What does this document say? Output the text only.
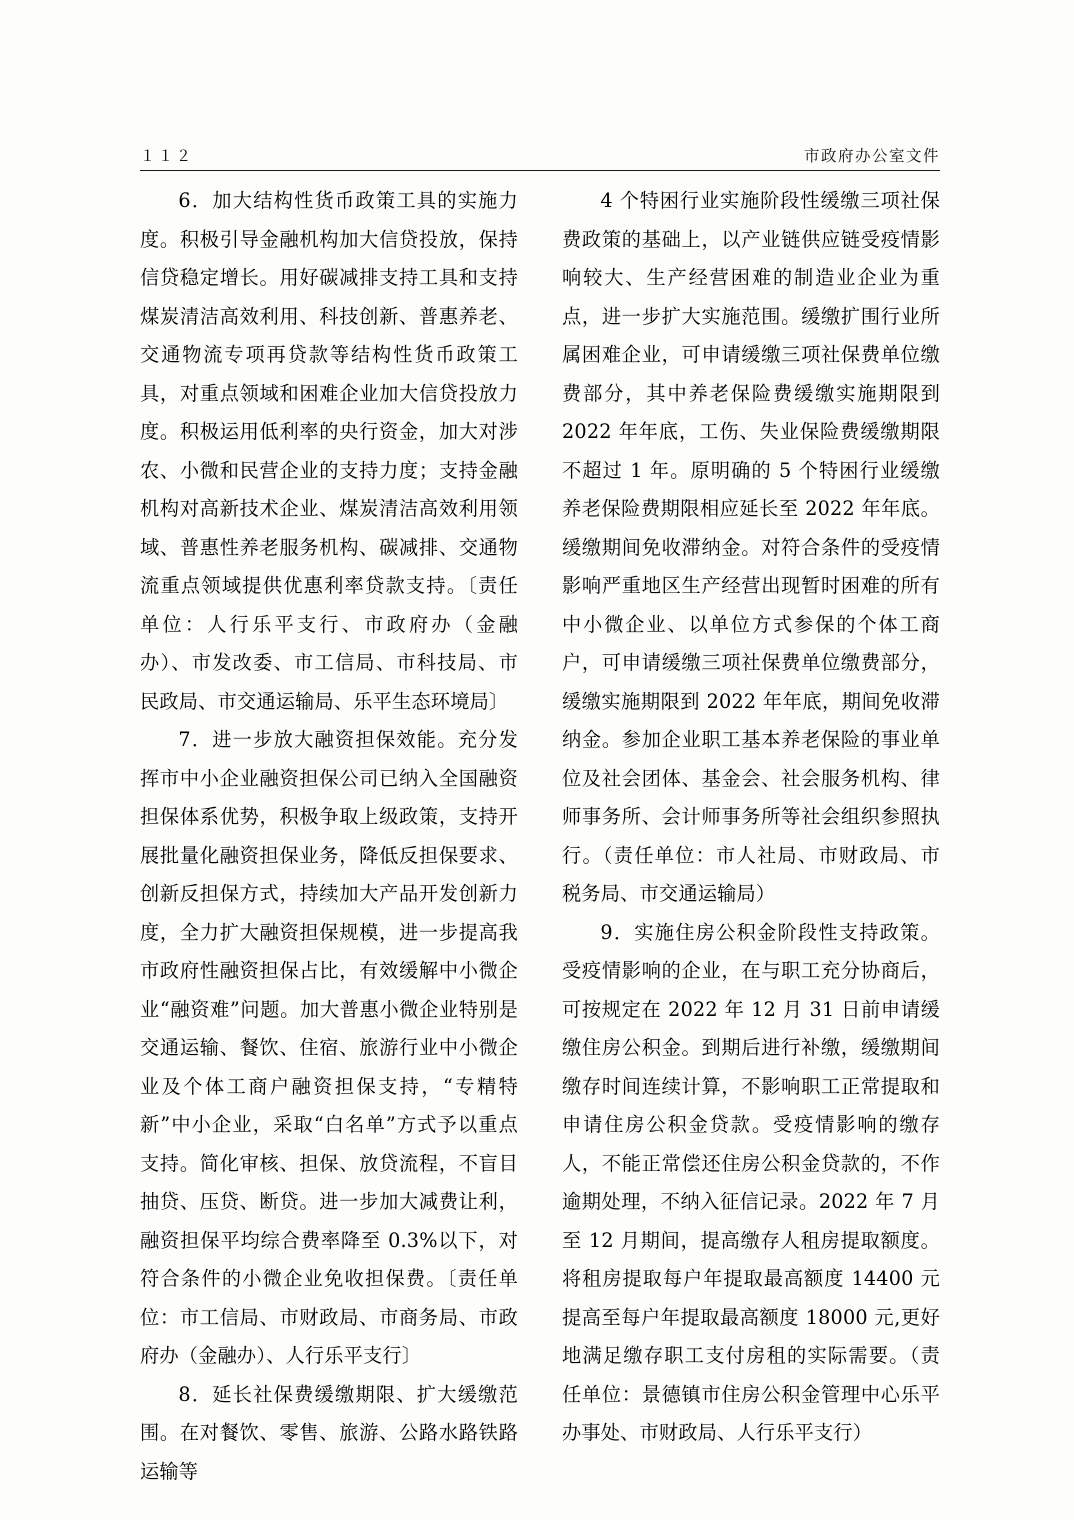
１１２	市政府办公室文件

6．加大结构性货币政策工具的实施力度。积极引导金融机构加大信贷投放，保持信贷稳定增长。用好碳减排支持工具和支持煤炭清洁高效利用、科技创新、普惠养老、交通物流专项再贷款等结构性货币政策工具，对重点领域和困难企业加大信贷投放力度。积极运用低利率的央行资金，加大对涉农、小微和民营企业的支持力度；支持金融机构对高新技术企业、煤炭清洁高效利用领域、普惠性养老服务机构、碳减排、交通物流重点领域提供优惠利率贷款支持。〔责任单位：人行乐平支行、市政府办（金融办）、市发改委、市工信局、市科技局、市民政局、市交通运输局、乐平生态环境局〕

7．进一步放大融资担保效能。充分发挥市中小企业融资担保公司已纳入全国融资担保体系优势，积极争取上级政策，支持开展批量化融资担保业务，降低反担保要求、创新反担保方式，持续加大产品开发创新力度，全力扩大融资担保规模，进一步提高我市政府性融资担保占比，有效缓解中小微企业“融资难”问题。加大普惠小微企业特别是交通运输、餐饮、住宿、旅游行业中小微企业及个体工商户融资担保支持，“专精特新”中小企业，采取“白名单”方式予以重点支持。简化审核、担保、放贷流程，不盲目抽贷、压贷、断贷。进一步加大减费让利，融资担保平均综合费率降至 0.3%以下，对符合条件的小微企业免收担保费。〔责任单位：市工信局、市财政局、市商务局、市政府办（金融办）、人行乐平支行〕

8．延长社保费缓缴期限、扩大缓缴范围。在对餐饮、零售、旅游、公路水路铁路运输等

4 个特困行业实施阶段性缓缴三项社保费政策的基础上，以产业链供应链受疫情影响较大、生产经营困难的制造业企业为重点，进一步扩大实施范围。缓缴扩围行业所属困难企业，可申请缓缴三项社保费单位缴费部分，其中养老保险费缓缴实施期限到 2022 年年底，工伤、失业保险费缓缴期限不超过 1 年。原明确的 5 个特困行业缓缴养老保险费期限相应延长至 2022 年年底。缓缴期间免收滞纳金。对符合条件的受疫情影响严重地区生产经营出现暂时困难的所有中小微企业、以单位方式参保的个体工商户，可申请缓缴三项社保费单位缴费部分，缓缴实施期限到 2022 年年底，期间免收滞纳金。参加企业职工基本养老保险的事业单位及社会团体、基金会、社会服务机构、律师事务所、会计师事务所等社会组织参照执行。（责任单位：市人社局、市财政局、市税务局、市交通运输局）

9．实施住房公积金阶段性支持政策。受疫情影响的企业，在与职工充分协商后，可按规定在 2022 年 12 月 31 日前申请缓缴住房公积金。到期后进行补缴，缓缴期间缴存时间连续计算，不影响职工正常提取和申请住房公积金贷款。受疫情影响的缴存人，不能正常偿还住房公积金贷款的，不作逾期处理，不纳入征信记录。2022 年 7 月至 12 月期间，提高缴存人租房提取额度。将租房提取每户年提取最高额度 14400 元提高至每户年提取最高额度 18000 元,更好地满足缴存职工支付房租的实际需要。（责任单位：景德镇市住房公积金管理中心乐平办事处、市财政局、人行乐平支行）
